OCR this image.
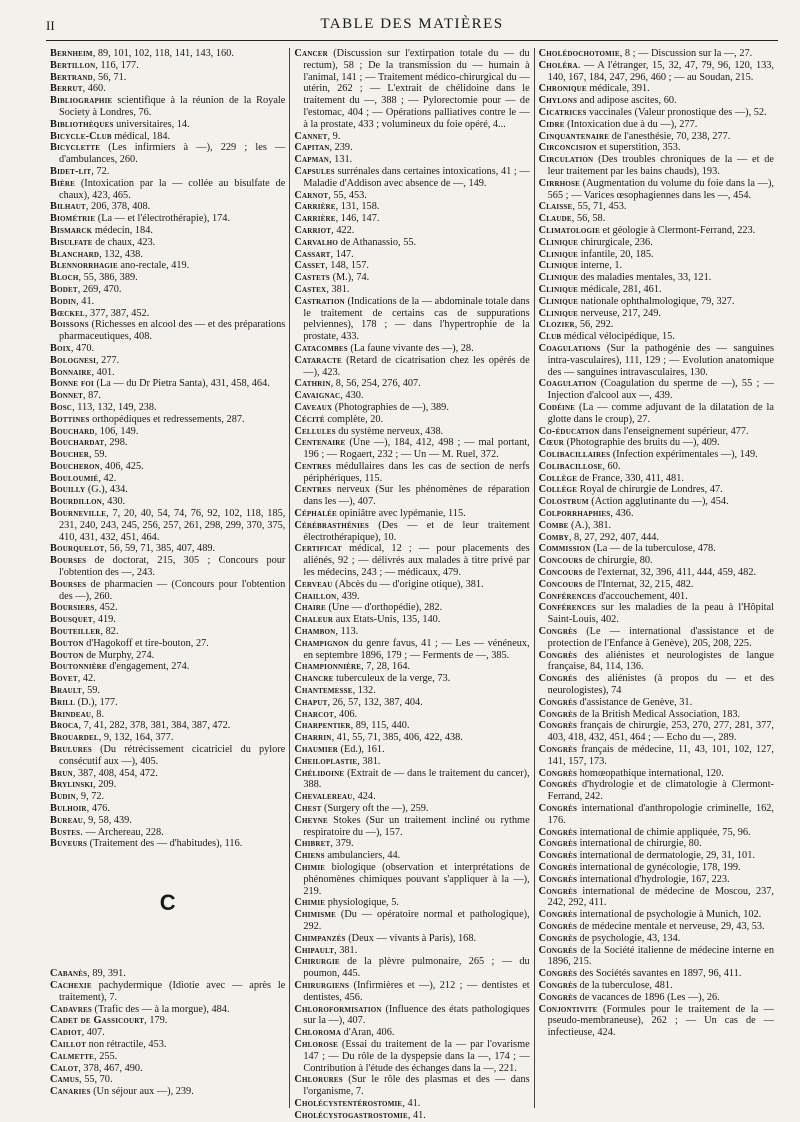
II	TABLE DES MATIÈRES

Bernheim, 89, 101, 102, 118, 141, 143, 160.

Bertillon, 116, 177.

Bertrand, 56, 71.

Berrut, 460.

Bibliographie scientifique à la réunion de la Royale Society à Londres, 76.

Bibliothèques universitaires, 14.

Bicycle-Club médical, 184.

Bicyclette (Les infirmiers à —), 229 ; les — d'ambulances, 260.

Bidet-lit, 72.

Bière (Intoxication par la — collée au bisulfate de chaux), 423, 465.

Bilhaut, 206, 378, 408.

Biométrie (La — et l'électrothérapie), 174.

Bismarck médecin, 184.

Bisulfate de chaux, 423.

Blanchard, 132, 438.

Blennorrhagie ano-rectale, 419.

Bloch, 55, 386, 389.

Bodet, 269, 470.

Bodin, 41.

Bœckel, 377, 387, 452.

Boissons (Richesses en alcool des — et des préparations pharmaceutiques, 408.

Boix, 470.

Bolognesi, 277.

Bonnaire, 401.

Bonne foi (La — du Dr Pietra Santa), 431, 458, 464.

Bonnet, 87.

Bosc, 113, 132, 149, 238.

Bottines orthopédiques et redressements, 287.

Bouchard, 106, 149.

Bouchardat, 298.

Boucher, 59.

Boucheron, 406, 425.

Bouloumié, 42.

Bouilly (G.), 434.

Bourdillon, 430.

Bourneville, 7, 20, 40, 54, 74, 76, 92, 102, 118, 185, 231, 240, 243, 245, 256, 257, 261, 298, 299, 370, 375, 410, 431, 432, 451, 464.

Bourquelot, 56, 59, 71, 385, 407, 489.

Bourses de doctorat, 215, 305 ; Concours pour l'obtention des —, 243.

Bourses de pharmacien — (Concours pour l'obtention des —), 260.

Boursiers, 452.

Bousquet, 419.

Bouteiller, 82.

Bouton d'Hagokoff et tire-bouton, 27.

Bouton de Murphy, 274.

Boutonnière d'engagement, 274.

Bovet, 42.

Brault, 59.

Brill (D.), 177.

Brindeau, 8.

Broca, 7, 41, 282, 378, 381, 384, 387, 472.

Brouardel, 9, 132, 164, 377.

Brulures (Du rétrécissement cicatriciel du pylore consécutif aux —), 405.

Brun, 387, 408, 454, 472.

Brylinski, 209.

Budin, 9, 72.

Bulhoir, 476.

Bureau, 9, 58, 439.

Bustes. — Archereau, 228.

Buveurs (Traitement des — d'habitudes), 116.

C

Cabanès, 89, 391.

Cachexie pachydermique (Idiotie avec — après le traitement), 7.

Cadavres (Trafic des — à la morgue), 484.

Cadet de Gassicourt, 179.

Cadiot, 407.

Caillot non rétractile, 453.

Calmette, 255.

Calot, 378, 467, 490.

Camus, 55, 70.

Canaries (Un séjour aux —), 239.

Cancer (Discussion sur l'extirpation totale du — du rectum), 58 ; De la transmission du — humain à l'animal, 141 ; — Traitement médico-chirurgical du — utérin, 262 ; — L'extrait de chélidoine dans le traitement du —, 388 ; — Pylorectomie pour — de l'estomac, 404 ; — Opérations palliatives contre le — à la prostate, 433 ; volumineux du foie opéré, 4...

Cannet, 9.

Capitan, 239.

Capman, 131.

Capsules surrénales dans certaines intoxications, 41 ; — Maladie d'Addison avec absence de —, 149.

Carnot, 55, 453.

Carrière, 131, 158.

Carrière, 146, 147.

Carriot, 422.

Carvalho de Athanassio, 55.

Cassart, 147.

Casset, 148, 157.

Castets (M.), 74.

Castex, 381.

Castration (Indications de la — abdominale totale dans le traitement de certains cas de suppurations pelviennes), 178 ; — dans l'hypertrophie de la prostate, 433.

Catacombes (La faune vivante des —), 28.

Cataracte (Retard de cicatrisation chez les opérés de —), 423.

Cathrin, 8, 56, 254, 276, 407.

Cavaignac, 430.

Caveaux (Photographies de —), 389.

Cécité complète, 20.

Cellules du système nerveux, 438.

Centenaire (Une —), 184, 412, 498 ; — mal portant, 196 ; — Rogaert, 232 ; — Un — M. Ruel, 372.

Centres médullaires dans les cas de section de nerfs périphériques, 115.

Centres nerveux (Sur les phénomènes de réparation dans les —), 407.

Céphalée opiniâtre avec lypémanie, 115.

Cérébrasthénies (Des — et de leur traitement électrothérapique), 10.

Certificat médical, 12 ; — pour placements des aliénés, 92 ; — délivrés aux malades à titre privé par les médecins, 243 ; — médicaux, 479.

Cerveau (Abcès du — d'origine otique), 381.

Chaillon, 439.

Chaire (Une — d'orthopédie), 282.

Chaleur aux Etats-Unis, 135, 140.

Chambon, 113.

Champignon du genre favus, 41 ; — Les — vénéneux, en septembre 1896, 179 ; — Ferments de —, 385.

Championnière, 7, 28, 164.

Chancre tuberculeux de la verge, 73.

Chantemesse, 132.

Chaput, 26, 57, 132, 387, 404.

Charcot, 406.

Charpentier, 89, 115, 440.

Charrin, 41, 55, 71, 385, 406, 422, 438.

Chaumier (Ed.), 161.

Cheiloplastie, 381.

Chélidoine (Extrait de — dans le traitement du cancer), 388.

Chevalereau, 424.

Chest (Surgery oft the —), 259.

Cheyne Stokes (Sur un traitement incliné ou rythme respiratoire du —), 157.

Chibret, 379.

Chiens ambulanciers, 44.

Chimie biologique (observation et interprétations de phénomènes chimiques pouvant s'appliquer à la —), 219.

Chimie physiologique, 5.

Chimisme (Du — opératoire normal et pathologique), 292.

Chimpanzés (Deux — vivants à Paris), 168.

Chipault, 381.

Chirurgie de la plèvre pulmonaire, 265 ; — du poumon, 445.

Chirurgiens (Infirmières et —), 212 ; — dentistes et dentistes, 456.

Chloroformisation (Influence des états pathologiques sur la —), 407.

Chloroma d'Aran, 406.

Chlorose (Essai du traitement de la — par l'ovarisme 147 ; — Du rôle de la dyspepsie dans la —, 174 ; — Contribution à l'étude des échanges dans la —, 221.

Chlorures (Sur le rôle des plasmas et des — dans l'organisme, 7.

Cholécystentérostomie, 41.

Cholécystogastrostomie, 41.

Cholédochotomie, 8 ; — Discussion sur la —, 27.

Choléra. — A l'étranger, 15, 32, 47, 79, 96, 120, 133, 140, 167, 184, 247, 296, 460 ; — au Soudan, 215.

Chronique médicale, 391.

Chylons and adipose ascites, 60.

Cicatrices vaccinales (Valeur pronostique des —), 52.

Cidre (Intoxication due à du —), 277.

Cinquantenaire de l'anesthésie, 70, 238, 277.

Circoncision et superstition, 353.

Circulation (Des troubles chroniques de la — et de leur traitement par les bains chauds), 193.

Cirrhose (Augmentation du volume du foie dans la —), 565 ; — Varices œsophagiennes dans les —, 454.

Claisse, 55, 71, 453.

Claude, 56, 58.

Climatologie et géologie à Clermont-Ferrand, 223.

Clinique chirurgicale, 236.

Clinique infantile, 20, 185.

Clinique interne, 1.

Clinique des maladies mentales, 33, 121.

Clinique médicale, 281, 461.

Clinique nationale ophthalmologique, 79, 327.

Clinique nerveuse, 217, 249.

Clozier, 56, 292.

Club médical vélocipédique, 15.

Coagulations (Sur la pathogénie des — sanguines intra-vasculaires), 111, 129 ; — Evolution anatomique des — sanguines intravasculaires, 130.

Coagulation (Coagulation du sperme de —), 55 ; — Injection d'alcool aux —, 439.

Codéine (La — comme adjuvant de la dilatation de la glotte dans le croup), 27.

Co-éducation dans l'enseignement supérieur, 477.

Cœur (Photographie des bruits du —), 409.

Colibacillaires (Infection expérimentales —), 149.

Colibacillose, 60.

Collège de France, 330, 411, 481.

Collège Royal de chirurgie de Londres, 47.

Colostrum (Action agglutinante du —), 454.

Colporrhaphies, 436.

Combe (A.), 381.

Comby, 8, 27, 292, 407, 444.

Commission (La — de la tuberculose, 478.

Concours de chirurgie, 80.

Concours de l'externat, 32, 396, 411, 444, 459, 482.

Concours de l'Internat, 32, 215, 482.

Conférences d'accouchement, 401.

Conférences sur les maladies de la peau à l'Hôpital Saint-Louis, 402.

Congrès (Le — international d'assistance et de protection de l'Enfance à Genève), 205, 208, 225.

Congrès des aliénistes et neurologistes de langue française, 84, 114, 136.

Congrès des aliénistes (à propos du — et des neurologistes), 74

Congrès d'assistance de Genève, 31.

Congrès de la British Medical Association, 183.

Congrès français de chirurgie, 253, 270, 277, 281, 377, 403, 418, 432, 451, 464 ; — Echo du —, 289.

Congrès français de médecine, 11, 43, 101, 102, 127, 141, 157, 173.

Congrès homœopathique international, 120.

Congrès d'hydrologie et de climatologie à Clermont-Ferrand, 242.

Congrès international d'anthropologie criminelle, 162, 176.

Congrès international de chimie appliquée, 75, 96.

Congrès international de chirurgie, 80.

Congrès international de dermatologie, 29, 31, 101.

Congrès international de gynécologie, 178, 199.

Congrès international d'hydrologie, 167, 223.

Congrès international de médecine de Moscou, 237, 242, 292, 411.

Congrès international de psychologie à Munich, 102.

Congrès de médecine mentale et nerveuse, 29, 43, 53.

Congrès de psychologie, 43, 134.

Congrès de la Société italienne de médecine interne en 1896, 215.

Congrès des Sociétés savantes en 1897, 96, 411.

Congrès de la tuberculose, 481.

Congrès de vacances de 1896 (Les —), 26.

Conjontivite (Formules pour le traitement de la — pseudo-membraneuse), 262 ; — Un cas de — infectieuse, 424.
